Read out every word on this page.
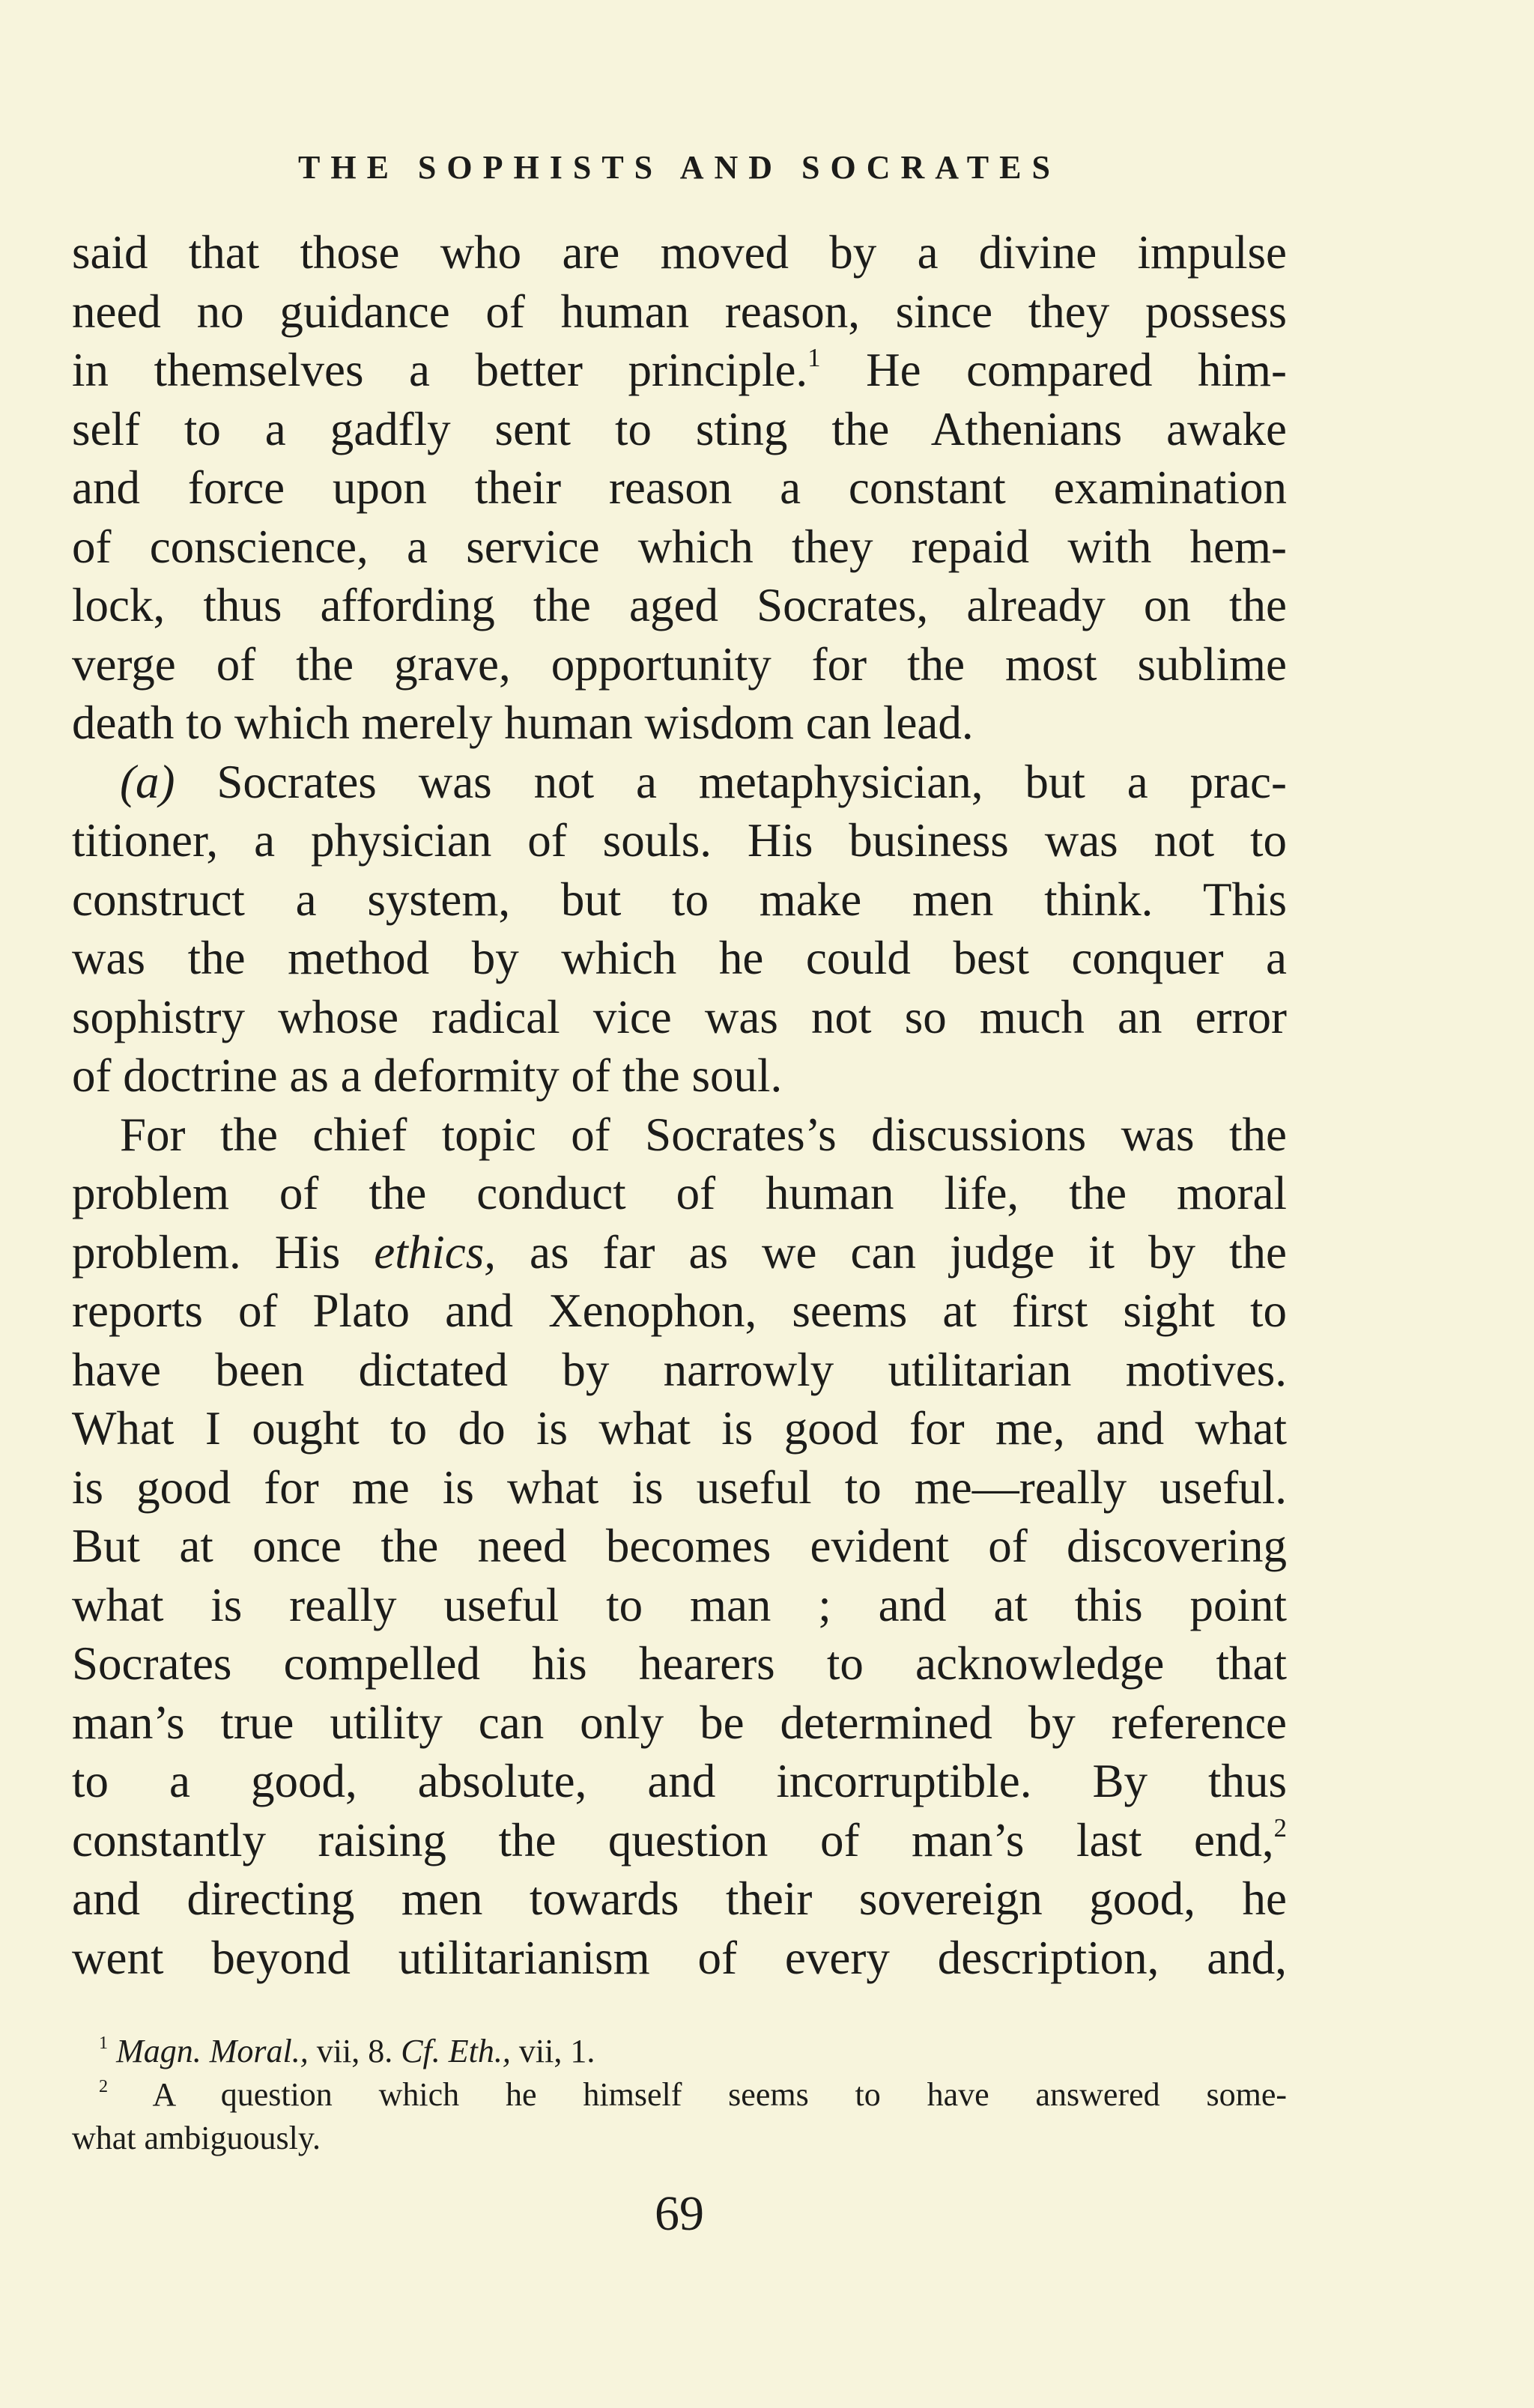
THE SOPHISTS AND SOCRATES
said that those who are moved by a divine impulse
need no guidance of human reason, since they possess
in themselves a better principle.$^1$ He compared him-
self to a gadfly sent to sting the Athenians awake
and force upon their reason a constant examination
of conscience, a service which they repaid with hem-
lock, thus affording the aged Socrates, already on the
verge of the grave, opportunity for the most sublime
death to which merely human wisdom can lead.
(a) Socrates was not a metaphysician, but a prac-
titioner, a physician of souls. His business was not to
construct a system, but to make men think. This
was the method by which he could best conquer a
sophistry whose radical vice was not so much an error
of doctrine as a deformity of the soul.
For the chief topic of Socrates’s discussions was the
problem of the conduct of human life, the moral
problem. His ethics, as far as we can judge it by the
reports of Plato and Xenophon, seems at first sight to
have been dictated by narrowly utilitarian motives.
What I ought to do is what is good for me, and what
is good for me is what is useful to me—really useful.
But at once the need becomes evident of discovering
what is really useful to man ; and at this point
Socrates compelled his hearers to acknowledge that
man’s true utility can only be determined by reference
to a good, absolute, and incorruptible. By thus
constantly raising the question of man’s last end,$^2$
and directing men towards their sovereign good, he
went beyond utilitarianism of every description, and,
$^1$ Magn. Moral., vii, 8. Cf. Eth., vii, 1.
$^2$ A question which he himself seems to have answered some-
what ambiguously.
69
